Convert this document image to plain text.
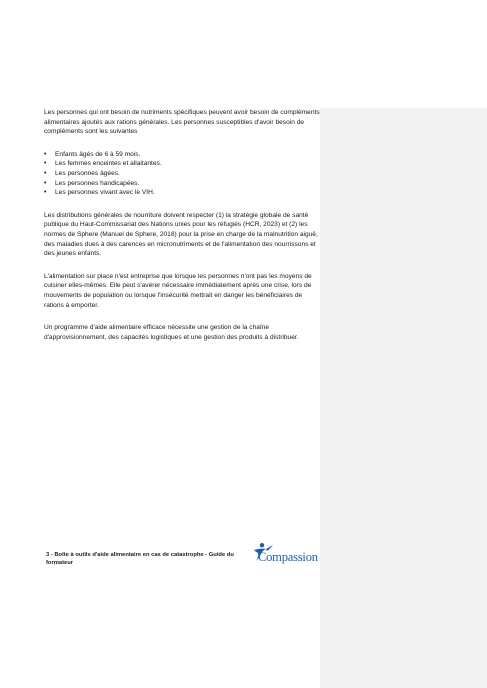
Les personnes qui ont besoin de nutriments spécifiques peuvent avoir besoin de compléments alimentaires ajoutés aux rations générales. Les personnes susceptibles d'avoir besoin de compléments sont les suivantes

• Enfants âgés de 6 à 59 mois.
• Les femmes enceintes et allaitantes.
• Les personnes âgées.
• Les personnes handicapées.
• Les personnes vivant avec le VIH.

Les distributions générales de nourriture doivent respecter (1) la stratégie globale de santé publique du Haut-Commissariat des Nations unies pour les réfugiés (HCR, 2023) et (2) les normes de Sphere (Manuel de Sphere, 2018) pour la prise en charge de la malnutrition aiguë, des maladies dues à des carences en micronutriments et de l'alimentation des nourrissons et des jeunes enfants.

L'alimentation sur place n'est entreprise que lorsque les personnes n'ont pas les moyens de cuisiner elles-mêmes. Elle peut s'avérer nécessaire immédiatement après une crise, lors de mouvements de population ou lorsque l'insécurité mettrait en danger les bénéficiaires de rations à emporter.

Un programme d'aide alimentaire efficace nécessite une gestion de la chaîne d'approvisionnement, des capacités logistiques et une gestion des produits à distribuer.

3 - Boîte à outils d'aide alimentaire en cas de catastrophe - Guide du formateur	Compassion
